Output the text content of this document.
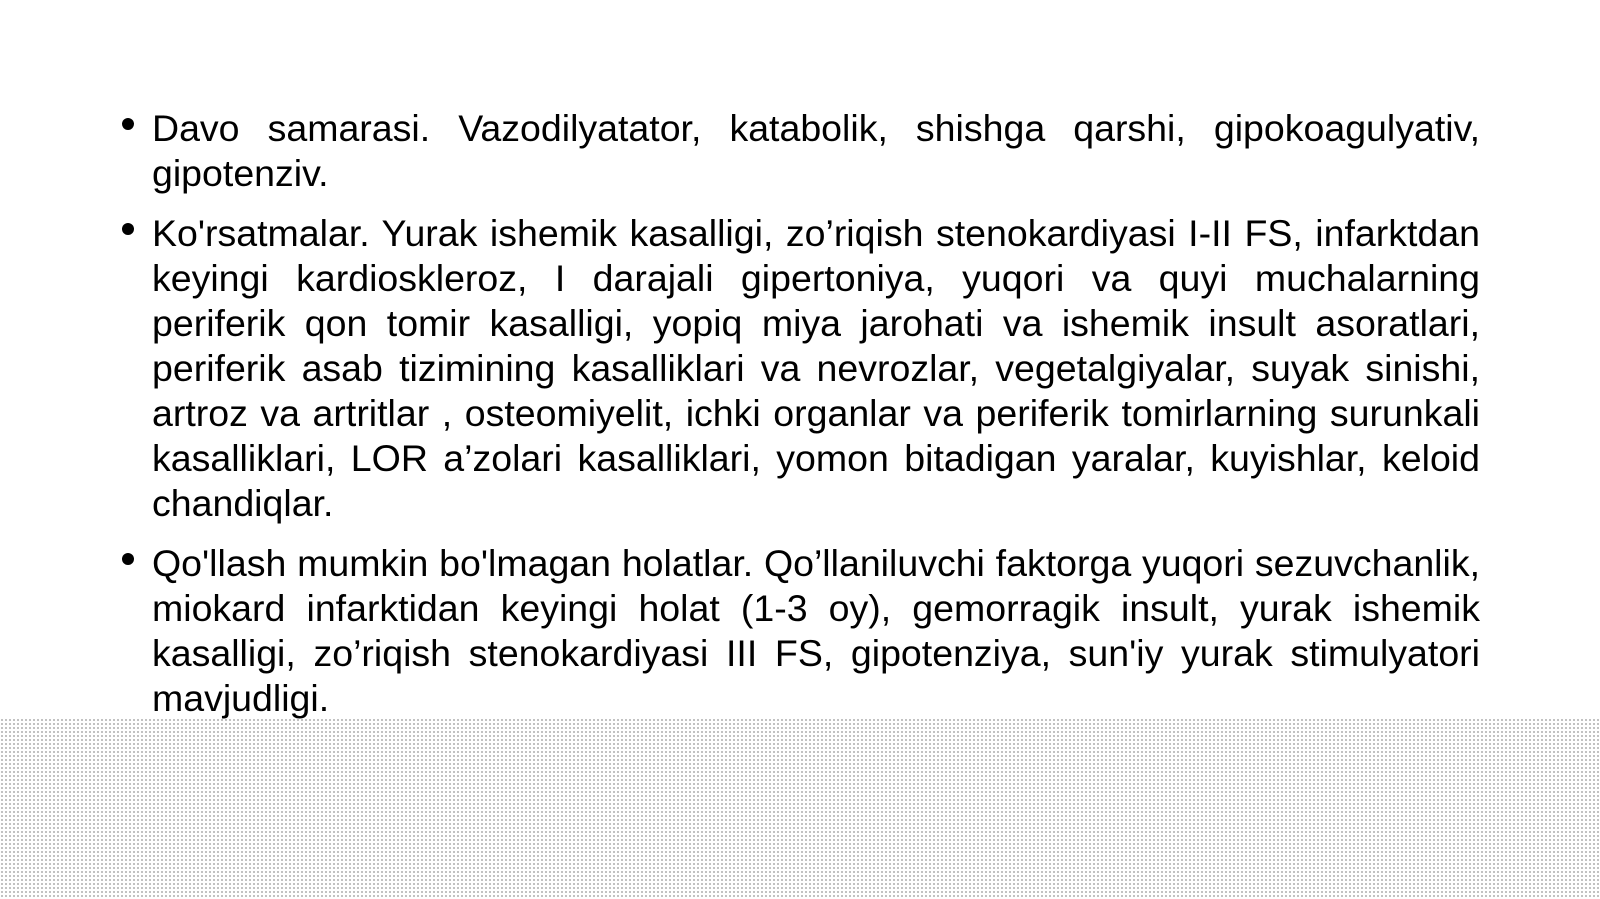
Davo samarasi. Vazodilyatator, katabolik, shishga qarshi, gipokoagulyativ, gipotenziv.

Ko'rsatmalar. Yurak ishemik kasalligi, zo’riqish stenokardiyasi I-II FS, infarktdan keyingi kardioskleroz, I darajali gipertoniya, yuqori va quyi muchalarning periferik qon tomir kasalligi, yopiq miya jarohati va ishemik insult asoratlari, periferik asab tizimining kasalliklari va nevrozlar, vegetalgiyalar, suyak sinishi, artroz va artritlar , osteomiyelit, ichki organlar va periferik tomirlarning surunkali kasalliklari, LOR a’zolari kasalliklari, yomon bitadigan yaralar, kuyishlar, keloid chandiqlar.

Qo'llash mumkin bo'lmagan holatlar. Qo’llaniluvchi faktorga yuqori sezuvchanlik, miokard infarktidan keyingi holat (1-3 oy), gemorragik insult, yurak ishemik kasalligi, zo’riqish stenokardiyasi III FS, gipotenziya, sun'iy yurak stimulyatori mavjudligi.
